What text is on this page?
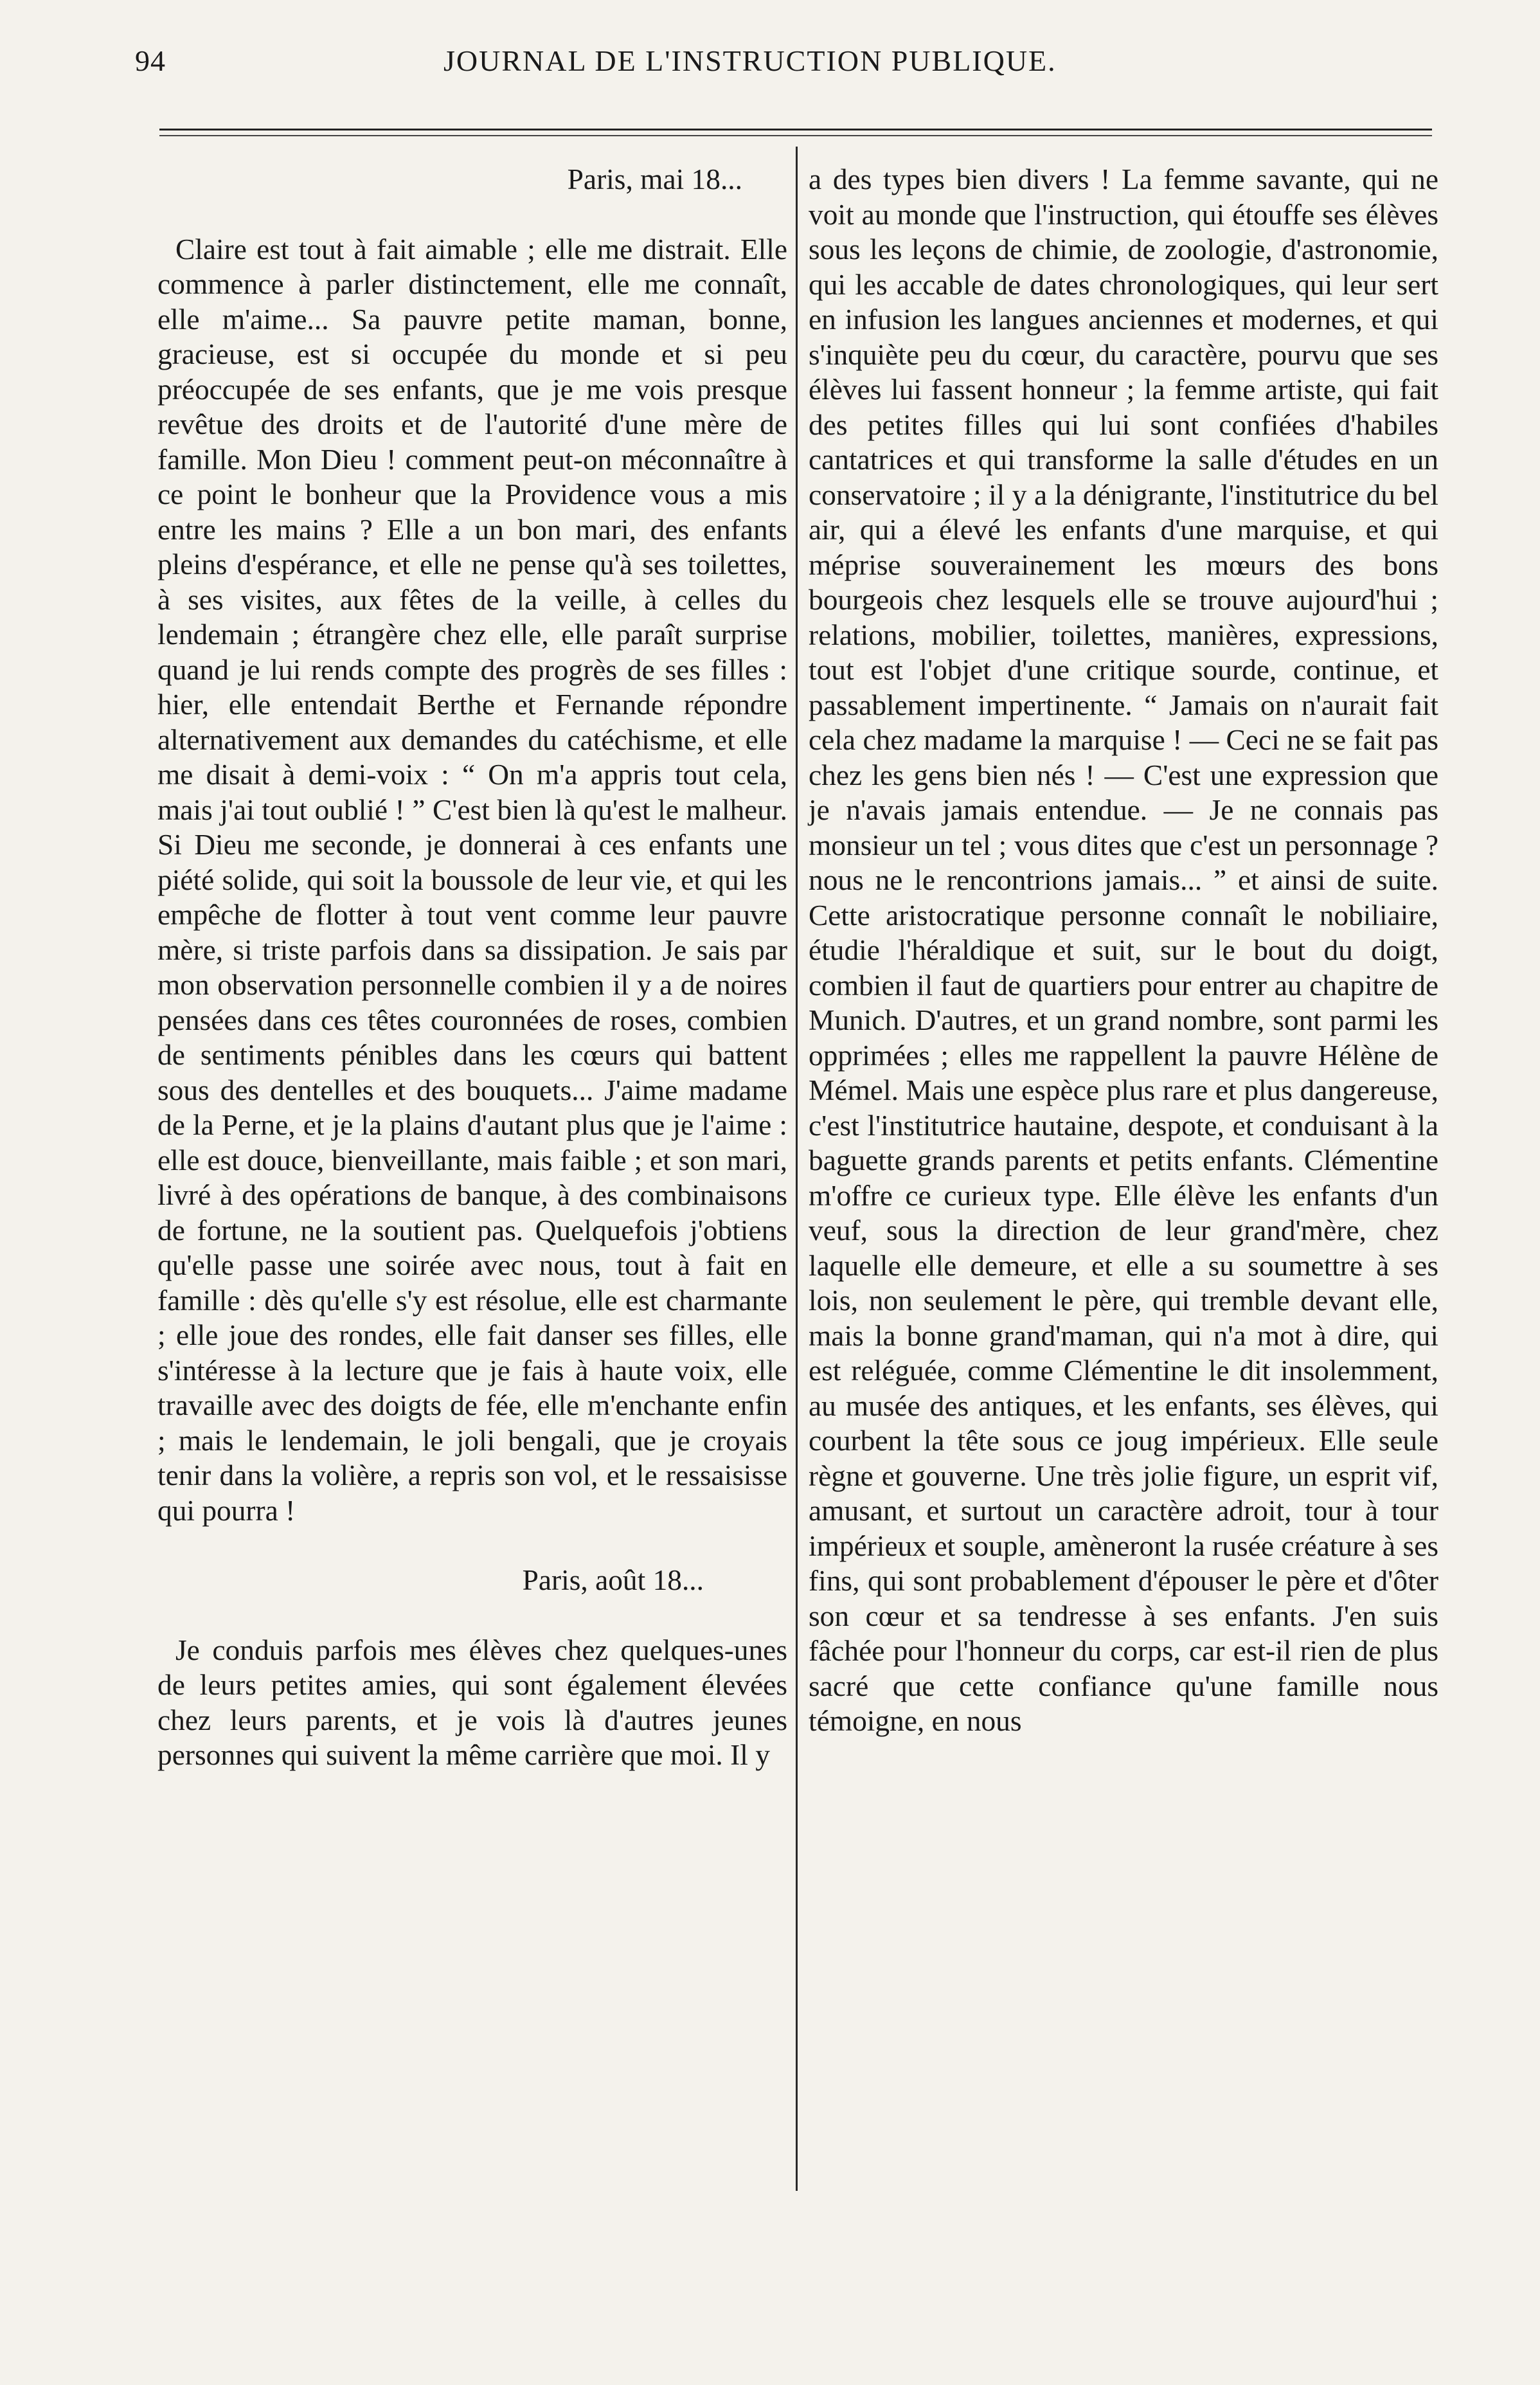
94	JOURNAL DE L'INSTRUCTION PUBLIQUE.

Paris, mai 18...

Claire est tout à fait aimable ; elle me distrait. Elle commence à parler distinctement, elle me connaît, elle m'aime... Sa pauvre petite maman, bonne, gracieuse, est si occupée du monde et si peu préoccupée de ses enfants, que je me vois presque revêtue des droits et de l'autorité d'une mère de famille. Mon Dieu ! comment peut-on méconnaître à ce point le bonheur que la Providence vous a mis entre les mains ? Elle a un bon mari, des enfants pleins d'espérance, et elle ne pense qu'à ses toilettes, à ses visites, aux fêtes de la veille, à celles du lendemain ; étrangère chez elle, elle paraît surprise quand je lui rends compte des progrès de ses filles : hier, elle entendait Berthe et Fernande répondre alternativement aux demandes du catéchisme, et elle me disait à demi-voix : “ On m'a appris tout cela, mais j'ai tout oublié ! ” C'est bien là qu'est le malheur. Si Dieu me seconde, je donnerai à ces enfants une piété solide, qui soit la boussole de leur vie, et qui les empêche de flotter à tout vent comme leur pauvre mère, si triste parfois dans sa dissipation. Je sais par mon observation personnelle combien il y a de noires pensées dans ces têtes couronnées de roses, combien de sentiments pénibles dans les cœurs qui battent sous des dentelles et des bouquets... J'aime madame de la Perne, et je la plains d'autant plus que je l'aime : elle est douce, bienveillante, mais faible ; et son mari, livré à des opérations de banque, à des combinaisons de fortune, ne la soutient pas. Quelquefois j'obtiens qu'elle passe une soirée avec nous, tout à fait en famille : dès qu'elle s'y est résolue, elle est charmante ; elle joue des rondes, elle fait danser ses filles, elle s'intéresse à la lecture que je fais à haute voix, elle travaille avec des doigts de fée, elle m'enchante enfin ; mais le lendemain, le joli bengali, que je croyais tenir dans la volière, a repris son vol, et le ressaisisse qui pourra !

Paris, août 18...

Je conduis parfois mes élèves chez quelques-unes de leurs petites amies, qui sont également élevées chez leurs parents, et je vois là d'autres jeunes personnes qui suivent la même carrière que moi. Il y

a des types bien divers ! La femme savante, qui ne voit au monde que l'instruction, qui étouffe ses élèves sous les leçons de chimie, de zoologie, d'astronomie, qui les accable de dates chronologiques, qui leur sert en infusion les langues anciennes et modernes, et qui s'inquiète peu du cœur, du caractère, pourvu que ses élèves lui fassent honneur ; la femme artiste, qui fait des petites filles qui lui sont confiées d'habiles cantatrices et qui transforme la salle d'études en un conservatoire ; il y a la dénigrante, l'institutrice du bel air, qui a élevé les enfants d'une marquise, et qui méprise souverainement les mœurs des bons bourgeois chez lesquels elle se trouve aujourd'hui ; relations, mobilier, toilettes, manières, expressions, tout est l'objet d'une critique sourde, continue, et passablement impertinente. “ Jamais on n'aurait fait cela chez madame la marquise ! — Ceci ne se fait pas chez les gens bien nés ! — C'est une expression que je n'avais jamais entendue. — Je ne connais pas monsieur un tel ; vous dites que c'est un personnage ? nous ne le rencontrions jamais... ” et ainsi de suite. Cette aristocratique personne connaît le nobiliaire, étudie l'héraldique et suit, sur le bout du doigt, combien il faut de quartiers pour entrer au chapitre de Munich. D'autres, et un grand nombre, sont parmi les opprimées ; elles me rappellent la pauvre Hélène de Mémel. Mais une espèce plus rare et plus dangereuse, c'est l'institutrice hautaine, despote, et conduisant à la baguette grands parents et petits enfants. Clémentine m'offre ce curieux type. Elle élève les enfants d'un veuf, sous la direction de leur grand'mère, chez laquelle elle demeure, et elle a su soumettre à ses lois, non seulement le père, qui tremble devant elle, mais la bonne grand'maman, qui n'a mot à dire, qui est reléguée, comme Clémentine le dit insolemment, au musée des antiques, et les enfants, ses élèves, qui courbent la tête sous ce joug impérieux. Elle seule règne et gouverne. Une très jolie figure, un esprit vif, amusant, et surtout un caractère adroit, tour à tour impérieux et souple, amèneront la rusée créature à ses fins, qui sont probablement d'épouser le père et d'ôter son cœur et sa tendresse à ses enfants. J'en suis fâchée pour l'honneur du corps, car est-il rien de plus sacré que cette confiance qu'une famille nous témoigne, en nous
